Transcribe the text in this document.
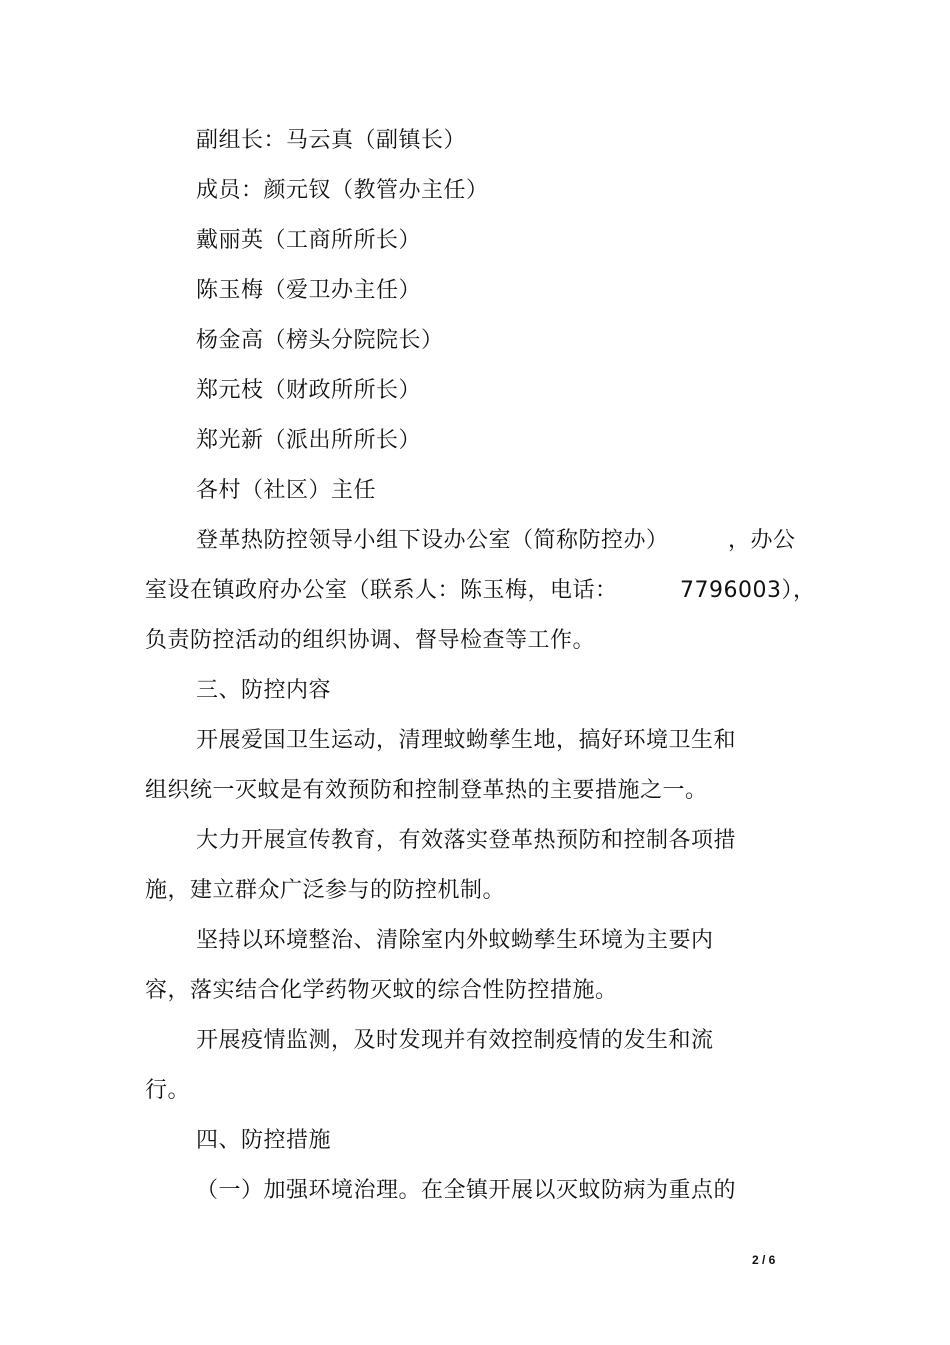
副组长：马云真（副镇长）
成员：颜元钗（教管办主任）
戴丽英（工商所所长）
陈玉梅（爱卫办主任）
杨金高（榜头分院院长）
郑元枝（财政所所长）
郑光新（派出所所长）
各村（社区）主任
登革热防控领导小组下设办公室（简称防控办）	，办公
室设在镇政府办公室（联系人：陈玉梅，电话：	7796003），
负责防控活动的组织协调、督导检查等工作。
三、防控内容
开展爱国卫生运动，清理蚊蚴孳生地，搞好环境卫生和
组织统一灭蚊是有效预防和控制登革热的主要措施之一。
大力开展宣传教育，有效落实登革热预防和控制各项措
施，建立群众广泛参与的防控机制。
坚持以环境整治、清除室内外蚊蚴孳生环境为主要内
容，落实结合化学药物灭蚊的综合性防控措施。
开展疫情监测，及时发现并有效控制疫情的发生和流
行。
四、防控措施
（一）加强环境治理。在全镇开展以灭蚊防病为重点的
2 / 6
